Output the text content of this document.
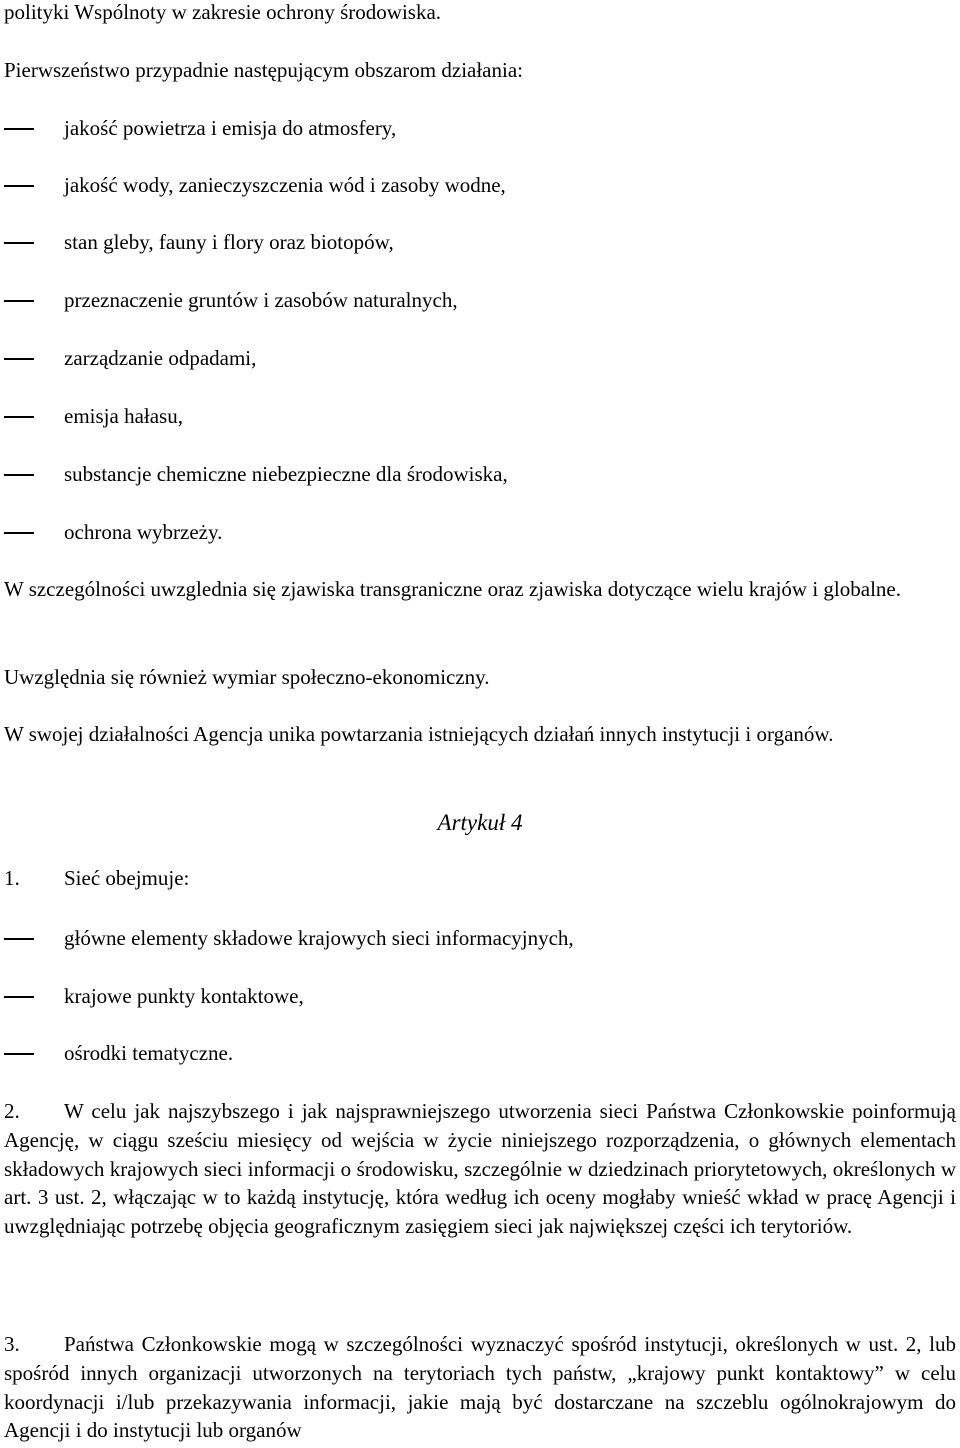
polityki Wspólnoty w zakresie ochrony środowiska.
Pierwszeństwo przypadnie następującym obszarom działania:
jakość powietrza i emisja do atmosfery,
jakość wody, zanieczyszczenia wód i zasoby wodne,
stan gleby, fauny i flory oraz biotopów,
przeznaczenie gruntów i zasobów naturalnych,
zarządzanie odpadami,
emisja hałasu,
substancje chemiczne niebezpieczne dla środowiska,
ochrona wybrzeży.
W szczególności uwzglednia się zjawiska transgraniczne oraz zjawiska dotyczące wielu krajów i globalne.
Uwzględnia się również wymiar społeczno-ekonomiczny.
W swojej działalności Agencja unika powtarzania istniejących działań innych instytucji i organów.
Artykuł 4
1. Sieć obejmuje:
główne elementy składowe krajowych sieci informacyjnych,
krajowe punkty kontaktowe,
ośrodki tematyczne.
2. W celu jak najszybszego i jak najsprawniejszego utworzenia sieci Państwa Członkowskie poinformują Agencję, w ciągu sześciu miesięcy od wejścia w życie niniejszego rozporządzenia, o głównych elementach składowych krajowych sieci informacji o środowisku, szczególnie w dziedzinach priorytetowych, określonych w art. 3 ust. 2, włączając w to każdą instytucję, która według ich oceny mogłaby wnieść wkład w pracę Agencji i uwzględniając potrzebę objęcia geograficznym zasięgiem sieci jak największej części ich terytoriów.
3. Państwa Członkowskie mogą w szczególności wyznaczyć spośród instytucji, określonych w ust. 2, lub spośród innych organizacji utworzonych na terytoriach tych państw, „krajowy punkt kontaktowy” w celu koordynacji i/lub przekazywania informacji, jakie mają być dostarczane na szczeblu ogólnokrajowym do Agencji i do instytucji lub organów
